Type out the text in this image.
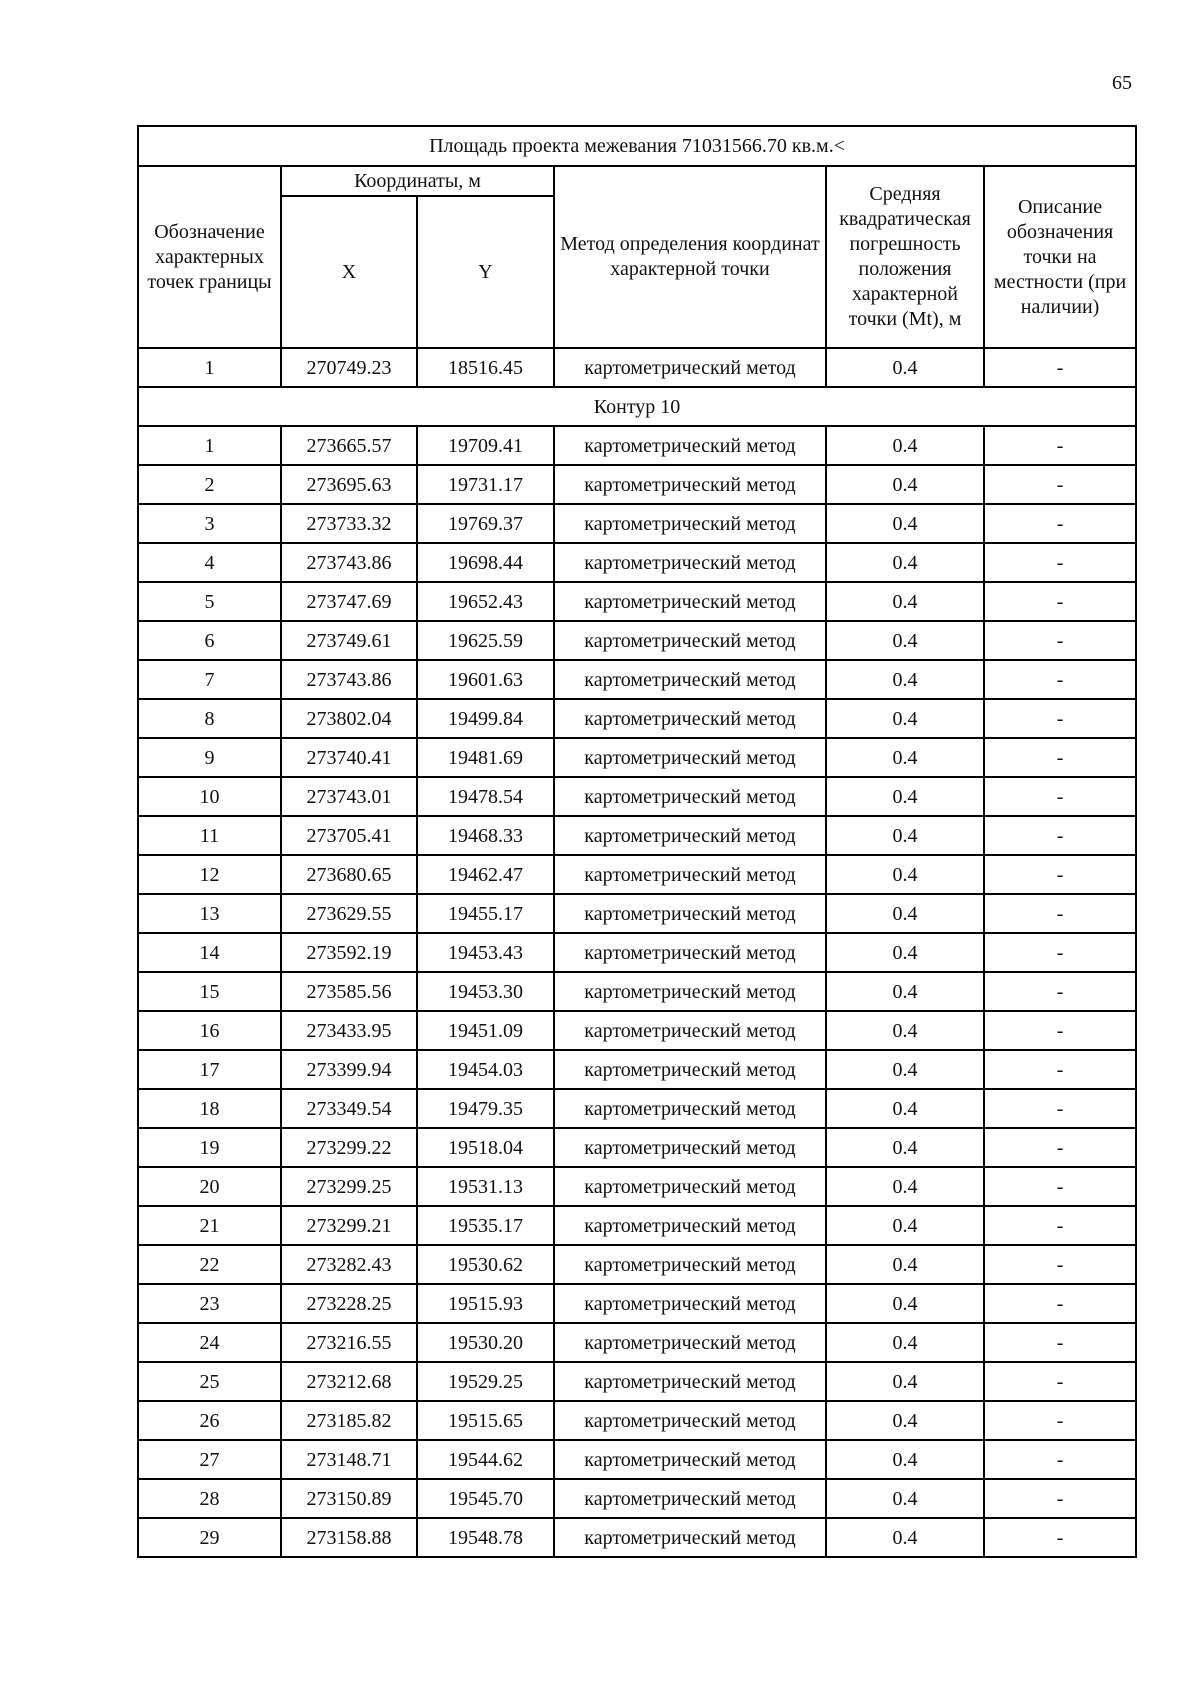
65
Площадь проекта межевания 71031566.70 кв.м.<					

Обозначение характерных точек границы	Координаты, м		Метод определения координат характерной точки	Средняя квадратическая погрешность положения характерной точки (Mt), м	Описание обозначения точки на местности (при наличии)

	X	Y			
1	270749.23	18516.45	картометрический метод	0.4	-
Контур 10					
1	273665.57	19709.41	картометрический метод	0.4	-
2	273695.63	19731.17	картометрический метод	0.4	-
3	273733.32	19769.37	картометрический метод	0.4	-
4	273743.86	19698.44	картометрический метод	0.4	-
5	273747.69	19652.43	картометрический метод	0.4	-
6	273749.61	19625.59	картометрический метод	0.4	-
7	273743.86	19601.63	картометрический метод	0.4	-
8	273802.04	19499.84	картометрический метод	0.4	-
9	273740.41	19481.69	картометрический метод	0.4	-
10	273743.01	19478.54	картометрический метод	0.4	-
11	273705.41	19468.33	картометрический метод	0.4	-
12	273680.65	19462.47	картометрический метод	0.4	-
13	273629.55	19455.17	картометрический метод	0.4	-
14	273592.19	19453.43	картометрический метод	0.4	-
15	273585.56	19453.30	картометрический метод	0.4	-
16	273433.95	19451.09	картометрический метод	0.4	-
17	273399.94	19454.03	картометрический метод	0.4	-
18	273349.54	19479.35	картометрический метод	0.4	-
19	273299.22	19518.04	картометрический метод	0.4	-
20	273299.25	19531.13	картометрический метод	0.4	-
21	273299.21	19535.17	картометрический метод	0.4	-
22	273282.43	19530.62	картометрический метод	0.4	-
23	273228.25	19515.93	картометрический метод	0.4	-
24	273216.55	19530.20	картометрический метод	0.4	-
25	273212.68	19529.25	картометрический метод	0.4	-
26	273185.82	19515.65	картометрический метод	0.4	-
27	273148.71	19544.62	картометрический метод	0.4	-
28	273150.89	19545.70	картометрический метод	0.4	-
29	273158.88	19548.78	картометрический метод	0.4	-
